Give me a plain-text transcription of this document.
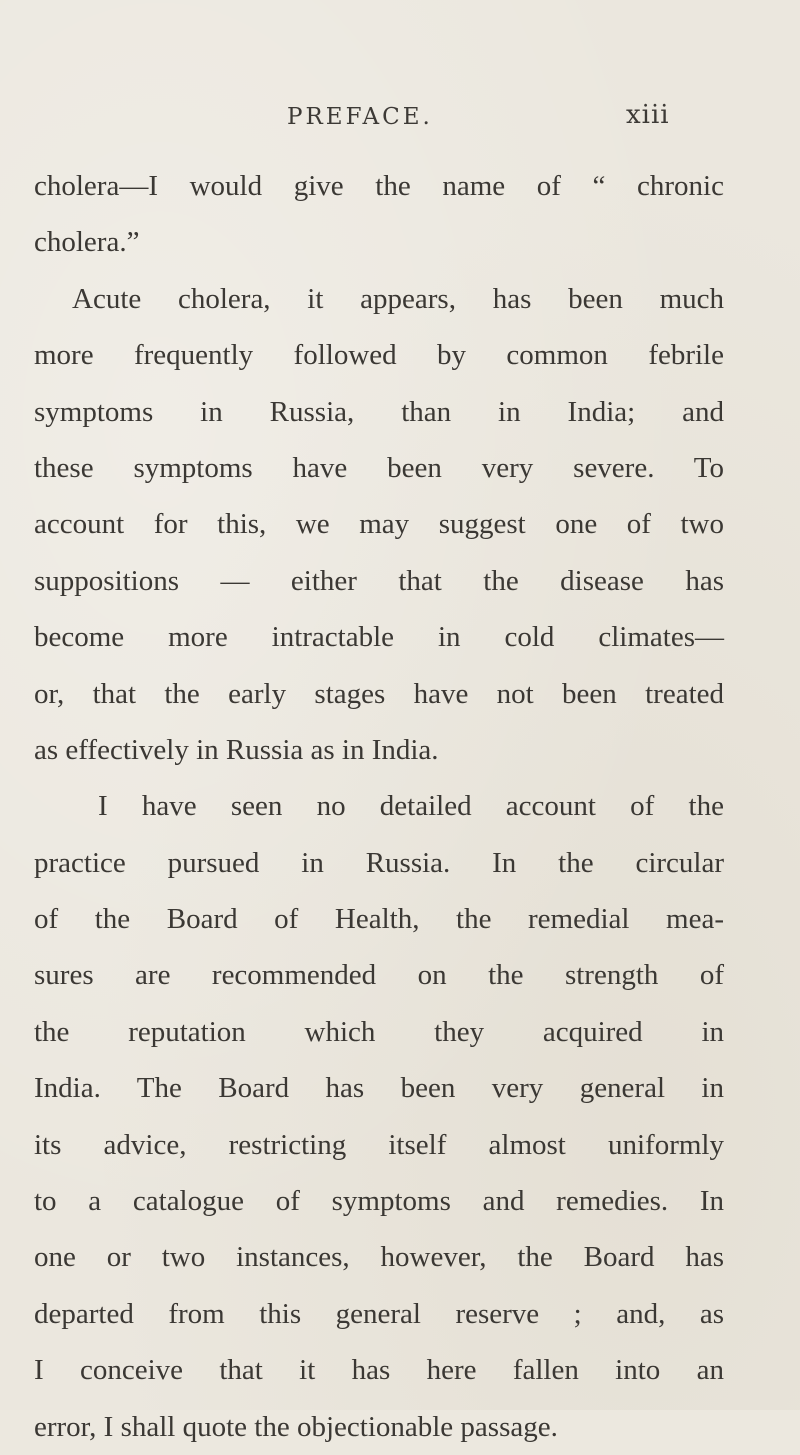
PREFACE.	xiii
cholera—I would give the name of “ chronic
cholera.”
Acute cholera, it appears, has been much
more frequently followed by common febrile
symptoms in Russia, than in India; and
these symptoms have been very severe. To
account for this, we may suggest one of two
suppositions — either that the disease has
become more intractable in cold climates—
or, that the early stages have not been treated
as effectively in Russia as in India.
I have seen no detailed account of the
practice pursued in Russia. In the circular
of the Board of Health, the remedial mea-
sures are recommended on the strength of
the reputation which they acquired in
India. The Board has been very general in
its advice, restricting itself almost uniformly
to a catalogue of symptoms and remedies. In
one or two instances, however, the Board has
departed from this general reserve ; and, as
I conceive that it has here fallen into an
error, I shall quote the objectionable passage.
